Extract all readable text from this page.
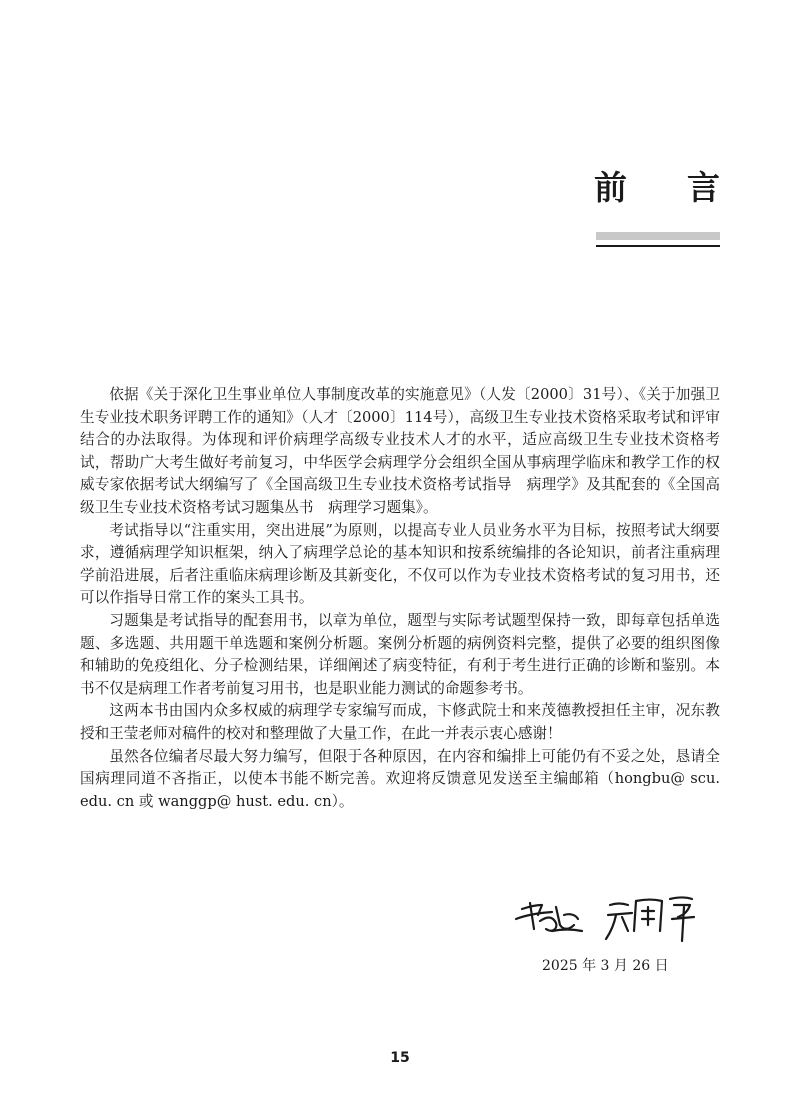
前 言

依据《关于深化卫生事业单位人事制度改革的实施意见》（人发〔2000〕31号）、《关于加强卫生专业技术职务评聘工作的通知》（人才〔2000〕114号），高级卫生专业技术资格采取考试和评审结合的办法取得。为体现和评价病理学高级专业技术人才的水平，适应高级卫生专业技术资格考试，帮助广大考生做好考前复习，中华医学会病理学分会组织全国从事病理学临床和教学工作的权威专家依据考试大纲编写了《全国高级卫生专业技术资格考试指导　病理学》及其配套的《全国高级卫生专业技术资格考试习题集丛书　病理学习题集》。

考试指导以“注重实用，突出进展”为原则，以提高专业人员业务水平为目标，按照考试大纲要求，遵循病理学知识框架，纳入了病理学总论的基本知识和按系统编排的各论知识，前者注重病理学前沿进展，后者注重临床病理诊断及其新变化，不仅可以作为专业技术资格考试的复习用书，还可以作指导日常工作的案头工具书。

习题集是考试指导的配套用书，以章为单位，题型与实际考试题型保持一致，即每章包括单选题、多选题、共用题干单选题和案例分析题。案例分析题的病例资料完整，提供了必要的组织图像和辅助的免疫组化、分子检测结果，详细阐述了病变特征，有利于考生进行正确的诊断和鉴别。本书不仅是病理工作者考前复习用书，也是职业能力测试的命题参考书。

这两本书由国内众多权威的病理学专家编写而成，卞修武院士和来茂德教授担任主审，况东教授和王莹老师对稿件的校对和整理做了大量工作，在此一并表示衷心感谢！

虽然各位编者尽最大努力编写，但限于各种原因，在内容和编排上可能仍有不妥之处，恳请全国病理同道不吝指正，以使本书能不断完善。欢迎将反馈意见发送至主编邮箱（hongbu@ scu. edu. cn 或 wanggp@ hust. edu. cn）。

2025 年 3 月 26 日
15
